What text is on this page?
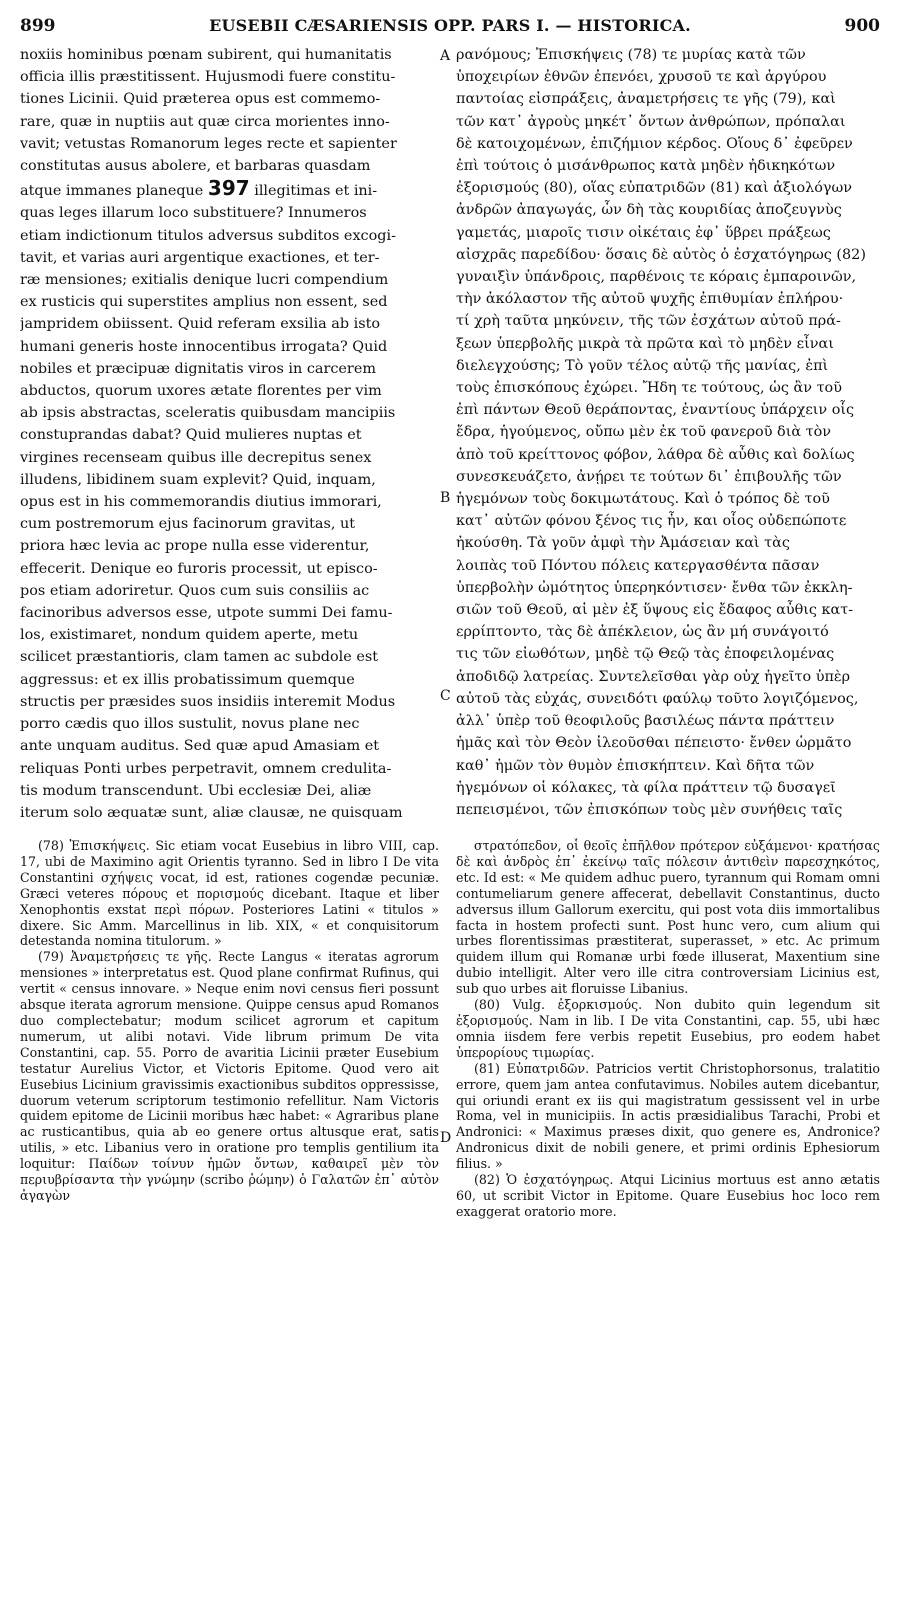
899	EUSEBII CÆSARIENSIS OPP. PARS I. — HISTORICA.	900
noxiis hominibus pœnam subirent, qui humanitatis
officia illis præstitissent. Hujusmodi fuere constitu-
tiones Licinii. Quid præterea opus est commemo-
rare, quæ in nuptiis aut quæ circa morientes inno-
vavit; vetustas Romanorum leges recte et sapienter
constitutas ausus abolere, et barbaras quasdam
atque immanes planeque 397 illegitimas et ini-
quas leges illarum loco substituere? Innumeros
etiam indictionum titulos adversus subditos excogi-
tavit, et varias auri argentique exactiones, et ter-
ræ mensiones; exitialis denique lucri compendium
ex rusticis qui superstites amplius non essent, sed
jampridem obiissent. Quid referam exsilia ab isto
humani generis hoste innocentibus irrogata? Quid
nobiles et præcipuæ dignitatis viros in carcerem
abductos, quorum uxores ætate florentes per vim
ab ipsis abstractas, sceleratis quibusdam mancipiis
constuprandas dabat? Quid mulieres nuptas et
virgines recenseam quibus ille decrepitus senex
illudens, libidinem suam explevit? Quid, inquam,
opus est in his commemorandis diutius immorari,
cum postremorum ejus facinorum gravitas, ut
priora hæc levia ac prope nulla esse viderentur,
effecerit. Denique eo furoris processit, ut episco-
pos etiam adoriretur. Quos cum suis consiliis ac
facinoribus adversos esse, utpote summi Dei famu-
los, existimaret, nondum quidem aperte, metu
scilicet præstantioris, clam tamen ac subdole est
aggressus: et ex illis probatissimum quemque
structis per præsides suos insidiis interemit Modus
porro cædis quo illos sustulit, novus plane nec
ante unquam auditus. Sed quæ apud Amasiam et
reliquas Ponti urbes perpetravit, omnem credulita-
tis modum transcendunt. Ubi ecclesiæ Dei, aliæ
iterum solo æquatæ sunt, aliæ clausæ, ne quisquam
ρανόμους; Ἐπισκήψεις (78) τε μυρίας κατὰ τῶν
ὑποχειρίων ἐθνῶν ἐπενόει, χρυσοῦ τε καὶ ἀργύρου
παντοίας εἰσπράξεις, ἀναμετρήσεις τε γῆς (79), καὶ
τῶν κατ᾽ ἀγροὺς μηκέτ᾽ ὄντων ἀνθρώπων, πρόπαλαι
δὲ κατοιχομένων, ἐπιζήμιον κέρδος. Οἵους δ᾽ ἐφεῦρεν
ἐπὶ τούτοις ὁ μισάνθρωπος κατὰ μηδὲν ἠδικηκότων
ἐξορισμούς (80), οἵας εὐπατριδῶν (81) καὶ ἀξιολόγων
ἀνδρῶν ἀπαγωγάς, ὧν δὴ τὰς κουριδίας ἀποζευγνὺς
γαμετάς, μιαροῖς τισιν οἰκέταις ἐφ᾽ ὕβρει πράξεως
αἰσχρᾶς παρεδίδου· ὅσαις δὲ αὐτὸς ὁ ἐσχατόγηρως (82)
γυναιξὶν ὑπάνδροις, παρθένοις τε κόραις ἐμπαροινῶν,
τὴν ἀκόλαστον τῆς αὐτοῦ ψυχῆς ἐπιθυμίαν ἐπλήρου·
τί χρὴ ταῦτα μηκύνειν, τῆς τῶν ἐσχάτων αὐτοῦ πρά-
ξεων ὑπερβολῆς μικρὰ τὰ πρῶτα καὶ τὸ μηδὲν εἶναι
διελεγχούσης; Τὸ γοῦν τέλος αὐτῷ τῆς μανίας, ἐπὶ
τοὺς ἐπισκόπους ἐχώρει. Ἤδη τε τούτους, ὡς ἂν τοῦ
ἐπὶ πάντων Θεοῦ θεράποντας, ἐναντίους ὑπάρχειν οἷς
ἔδρα, ἡγούμενος, οὔπω μὲν ἐκ τοῦ φανεροῦ διὰ τὸν
ἀπὸ τοῦ κρείττονος φόβον, λάθρα δὲ αὖθις καὶ δολίως
συνεσκευάζετο, ἀνῄρει τε τούτων δι᾽ ἐπιβουλῆς τῶν
ἡγεμόνων τοὺς δοκιμωτάτους. Καὶ ὁ τρόπος δὲ τοῦ
κατ᾽ αὐτῶν φόνου ξένος τις ἦν, και οἷος οὐδεπώποτε
ἠκούσθη. Τὰ γοῦν ἀμφὶ τὴν Ἀμάσειαν καὶ τὰς
λοιπὰς τοῦ Πόντου πόλεις κατεργασθέντα πᾶσαν
ὑπερβολὴν ὠμότητος ὑπερηκόντισεν· ἔνθα τῶν ἐκκλη-
σιῶν τοῦ Θεοῦ, αἱ μὲν ἐξ ὕψους εἰς ἔδαφος αὖθις κατ-
ερρίπτοντο, τὰς δὲ ἀπέκλειον, ὡς ἂν μή συνάγοιτό
τις τῶν εἰωθότων, μηδὲ τῷ Θεῷ τὰς ἐποφειλομένας
ἀποδιδῷ λατρείας. Συντελεῖσθαι γὰρ οὐχ ἡγεῖτο ὑπὲρ
αὐτοῦ τὰς εὐχάς, συνειδότι φαύλῳ τοῦτο λογιζόμενος,
ἀλλ᾽ ὑπὲρ τοῦ θεοφιλοῦς βασιλέως πάντα πράττειν
ἡμᾶς καὶ τὸν Θεὸν ἱλεοῦσθαι πέπειστο· ἔνθεν ὡρμᾶτο
καθ᾽ ἡμῶν τὸν θυμὸν ἐπισκήπτειν. Καὶ δῆτα τῶν
ἡγεμόνων οἱ κόλακες, τὰ φίλα πράττειν τῷ δυσαγεῖ
πεπεισμένοι, τῶν ἐπισκόπων τοὺς μὲν συνήθεις ταῖς
A
B
C
D

(78) Ἐπισκήψεις. Sic etiam vocat Eusebius in libro VIII, cap. 17, ubi de Maximino agit Orientis tyranno. Sed in libro I De vita Constantini σχήψεις vocat, id est, rationes cogendæ pecuniæ. Græci veteres πόρους et πορισμούς dicebant. Itaque et liber Xenophontis exstat περὶ πόρων. Posteriores Latini « titulos » dixere. Sic Amm. Marcellinus in lib. XIX, « et conquisitorum detestanda nomina titulorum. »

(79) Ἀναμετρήσεις τε γῆς. Recte Langus « iteratas agrorum mensiones » interpretatus est. Quod plane confirmat Rufinus, qui vertit « census innovare. » Neque enim novi census fieri possunt absque iterata agrorum mensione. Quippe census apud Romanos duo complectebatur; modum scilicet agrorum et capitum numerum, ut alibi notavi. Vide librum primum De vita Constantini, cap. 55. Porro de avaritia Licinii præter Eusebium testatur Aurelius Victor, et Victoris Epitome. Quod vero ait Eusebius Licinium gravissimis exactionibus subditos oppressisse, duorum veterum scriptorum testimonio refellitur. Nam Victoris quidem epitome de Licinii moribus hæc habet: « Agraribus plane ac rusticantibus, quia ab eo genere ortus altusque erat, satis utilis, » etc. Libanius vero in oratione pro templis gentilium ita loquitur: Παίδων τοίνυν ἡμῶν ὄντων, καθαιρεῖ μὲν τὸν περιυβρίσαντα τὴν γνώμην (scribo ῥώμην) ὁ Γαλατῶν ἐπ᾽ αὐτὸν ἀγαγὼν

στρατόπεδον, οἷ θεοῖς ἐπῆλθον πρότερον εὐξάμενοι· κρατήσας δὲ καὶ ἀνδρὸς ἐπ᾽ ἐκείνῳ ταῖς πόλεσιν ἀντιθεὶν παρεσχηκότος, etc. Id est: « Me quidem adhuc puero, tyrannum qui Romam omni contumeliarum genere affecerat, debellavit Constantinus, ducto adversus illum Gallorum exercitu, qui post vota diis immortalibus facta in hostem profecti sunt. Post hunc vero, cum alium qui urbes florentissimas præstiterat, superasset, » etc. Ac primum quidem illum qui Romanæ urbi fœde illuserat, Maxentium sine dubio intelligit. Alter vero ille citra controversiam Licinius est, sub quo urbes ait floruisse Libanius.

(80) Vulg. ἐξορκισμούς. Non dubito quin legendum sit ἐξορισμούς. Nam in lib. I De vita Constantini, cap. 55, ubi hæc omnia iisdem fere verbis repetit Eusebius, pro eodem habet ὑπερορίους τιμωρίας.

(81) Εὐπατριδῶν. Patricios vertit Christophorsonus, tralatitio errore, quem jam antea confutavimus. Nobiles autem dicebantur, qui oriundi erant ex iis qui magistratum gessissent vel in urbe Roma, vel in municipiis. In actis præsidialibus Tarachi, Probi et Andronici: « Maximus præses dixit, quo genere es, Andronice? Andronicus dixit de nobili genere, et primi ordinis Ephesiorum filius. »

(82) Ὁ ἐσχατόγηρως. Atqui Licinius mortuus est anno ætatis 60, ut scribit Victor in Epitome. Quare Eusebius hoc loco rem exaggerat oratorio more.
